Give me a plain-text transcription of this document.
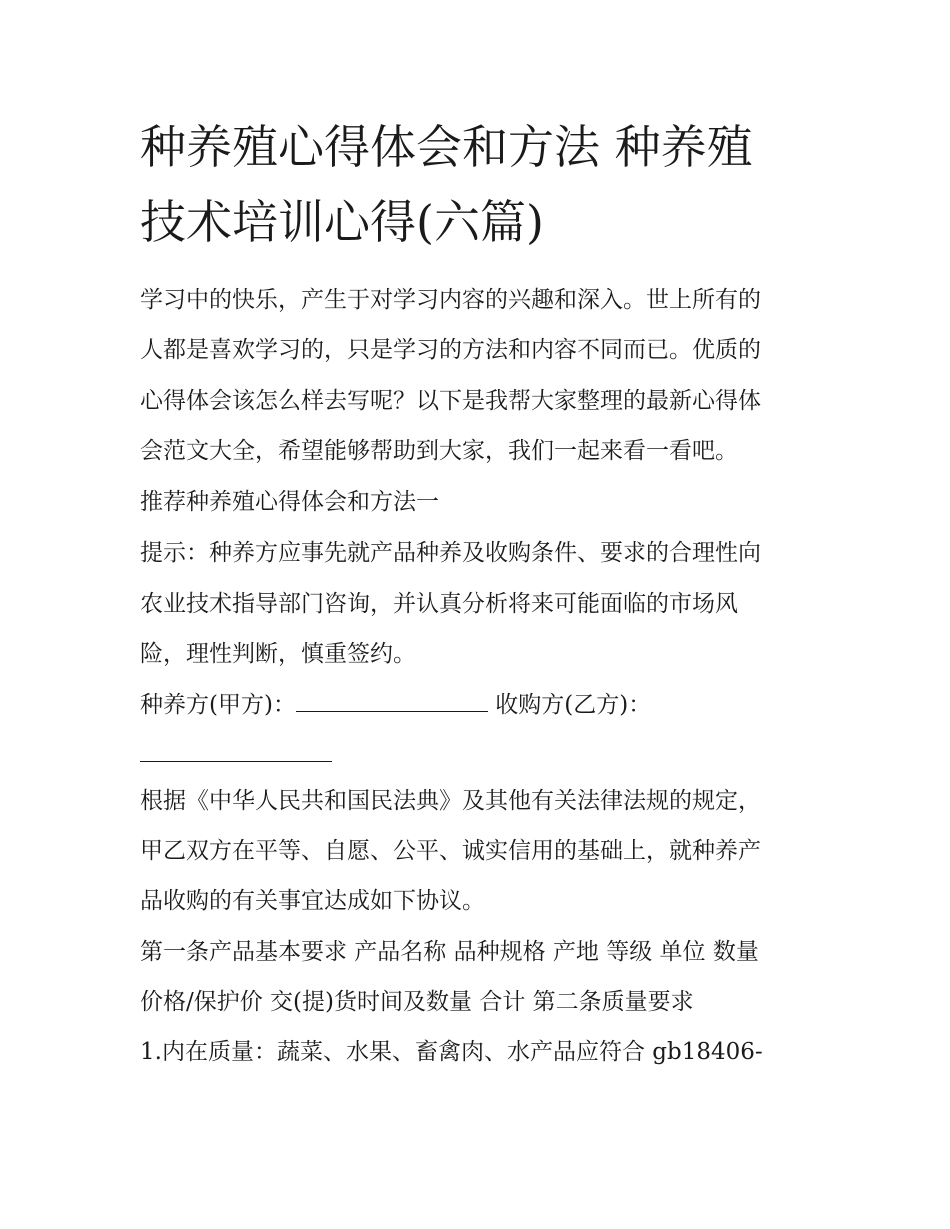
种养殖心得体会和方法 种养殖
技术培训心得(六篇)

学习中的快乐，产生于对学习内容的兴趣和深入。世上所有的

人都是喜欢学习的，只是学习的方法和内容不同而已。优质的

心得体会该怎么样去写呢？以下是我帮大家整理的最新心得体

会范文大全，希望能够帮助到大家，我们一起来看一看吧。

推荐种养殖心得体会和方法一

提示：种养方应事先就产品种养及收购条件、要求的合理性向

农业技术指导部门咨询，并认真分析将来可能面临的市场风

险，理性判断，慎重签约。

种养方(甲方)：	收购方(乙方)：

根据《中华人民共和国民法典》及其他有关法律法规的规定，

甲乙双方在平等、自愿、公平、诚实信用的基础上，就种养产

品收购的有关事宜达成如下协议。

第一条产品基本要求 产品名称 品种规格 产地 等级 单位 数量

价格/保护价 交(提)货时间及数量 合计 第二条质量要求

1.内在质量：蔬菜、水果、畜禽肉、水产品应符合 gb18406-
